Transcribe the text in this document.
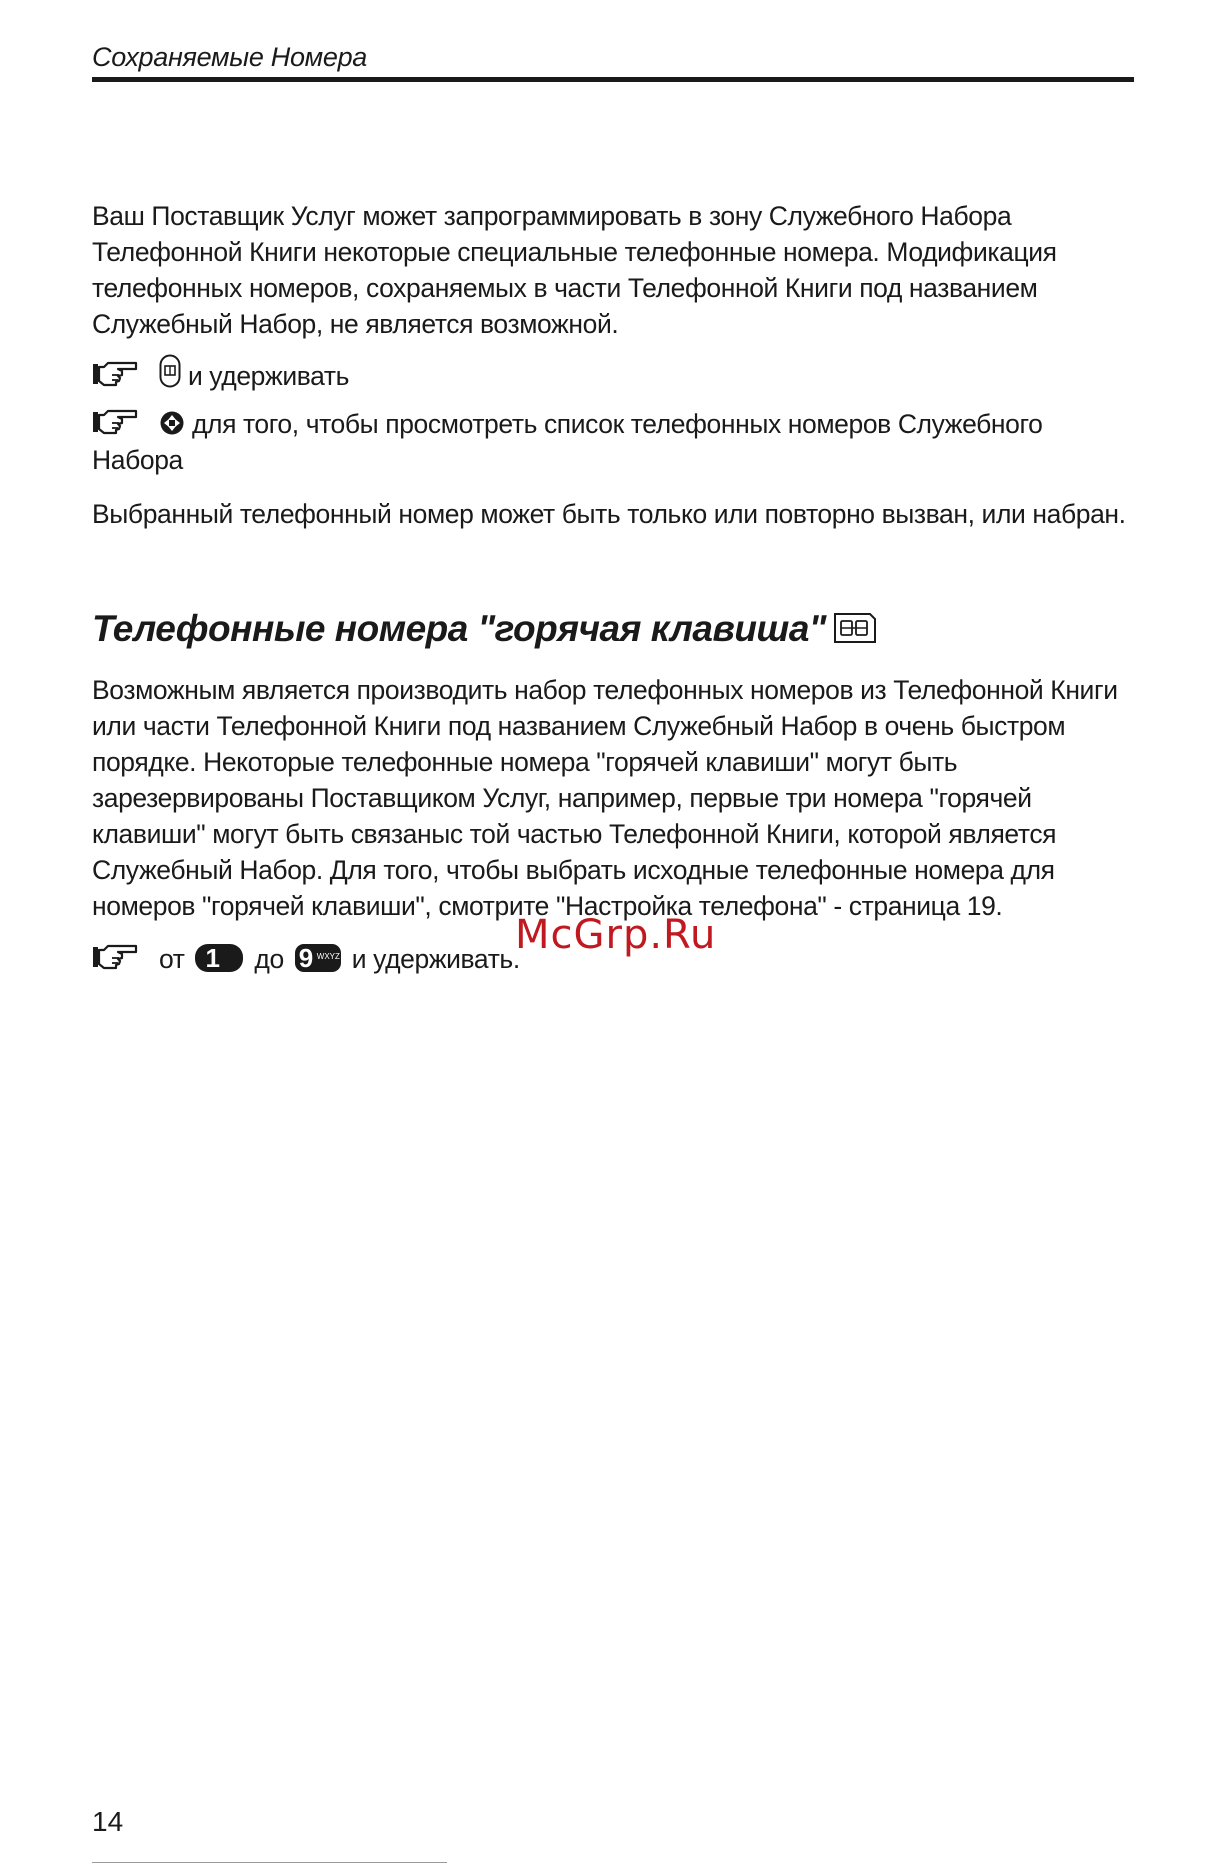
Сохраняемые Номера

Ваш Поставщик Услуг может запрограммировать в зону Служебного Набора Телефонной Книги некоторые специальные телефонные номера. Модификация телефонных номеров, сохраняемых в части Телефонной Книги под названием Служебный Набор, не является возможной.

и удерживать
для того, чтобы просмотреть список телефонных номеров Служебного Набора

Выбранный телефонный номер может быть только или повторно вызван, или набран.

Телефонные номера "горячая клавиша"

Возможным является производить набор телефонных номеров из Телефонной Книги или части Телефонной Книги под названием Служебный Набор в очень быстром порядке. Некоторые телефонные номера "горячей клавиши" могут быть зарезервированы Поставщиком Услуг, например, первые три номера "горячей клавиши" могут быть связаныс той частью Телефонной Книги, которой является Служебный Набор. Для того, чтобы выбрать исходные телефонные номера для номеров "горячей клавиши", смотрите "Настройка телефона" - страница 19.

от 1 до 9 WXYZ и удерживать.
14
McGrp.Ru
